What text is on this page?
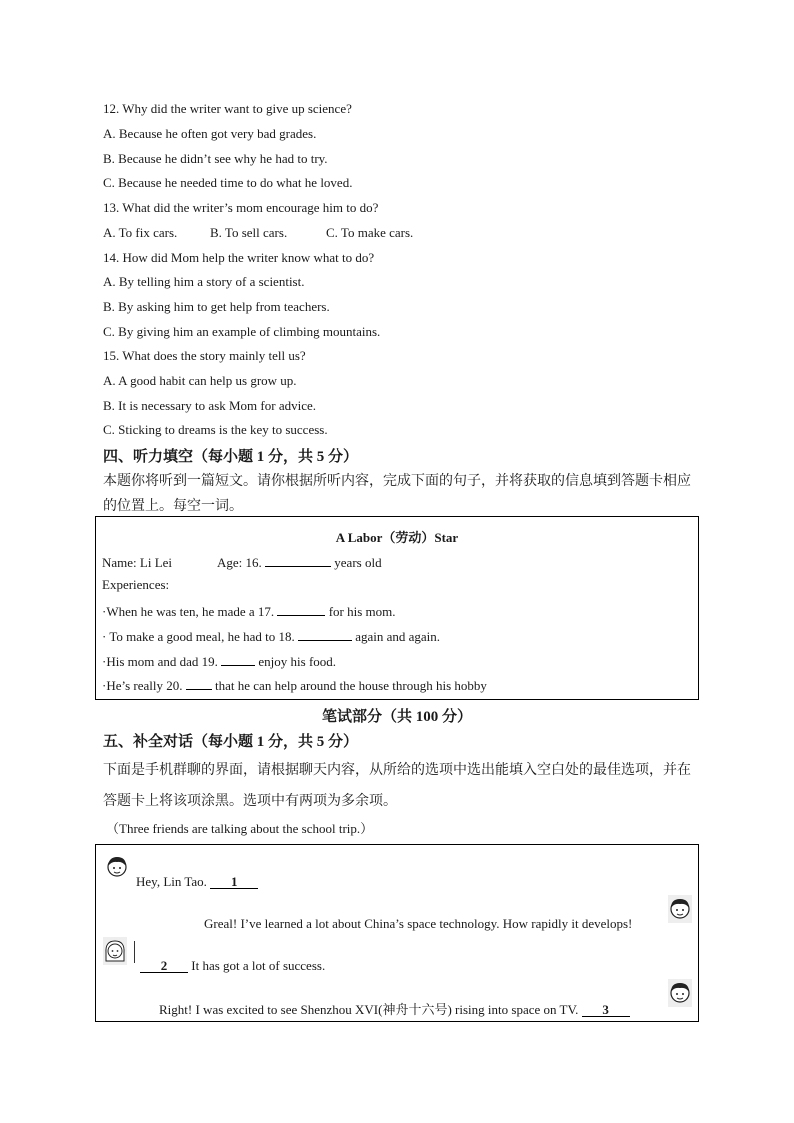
12. Why did the writer want to give up science?
A. Because he often got very bad grades.
B. Because he didn’t see why he had to try.
C. Because he needed time to do what he loved.
13. What did the writer’s mom encourage him to do?
A. To fix cars.	B. To sell cars.	C. To make cars.
14. How did Mom help the writer know what to do?
A. By telling him a story of a scientist.
B. By asking him to get help from teachers.
C. By giving him an example of climbing mountains.
15. What does the story mainly tell us?
A. A good habit can help us grow up.
B. It is necessary to ask Mom for advice.
C. Sticking to dreams is the key to success.
四、听力填空（每小题 1 分，共 5 分）
本题你将听到一篇短文。请你根据所听内容，完成下面的句子，并将获取的信息填到答题卡相应
的位置上。每空一词。
A Labor（劳动）Star
Name: Li Lei	Age: 16.	years old
Experiences:
·When he was ten, he made a 17.	for his mom.
· To make a good meal, he had to 18.	again and again.
·His mom and dad 19.	enjoy his food.
·He’s really 20.	that he can help around the house through his hobby
笔试部分（共 100 分）
五、补全对话（每小题 1 分，共 5 分）
下面是手机群聊的界面，请根据聊天内容，从所给的选项中选出能填入空白处的最佳选项，并在
答题卡上将该项涂黑。选项中有两项为多余项。
（Three friends are talking about the school trip.）
Hey, Lin Tao. 1
Greal! I’ve learned a lot about China’s space technology. How rapidly it develops!
2 It has got a lot of success.
Right! I was excited to see Shenzhou XVI(神舟十六号) rising into space on TV. 3
